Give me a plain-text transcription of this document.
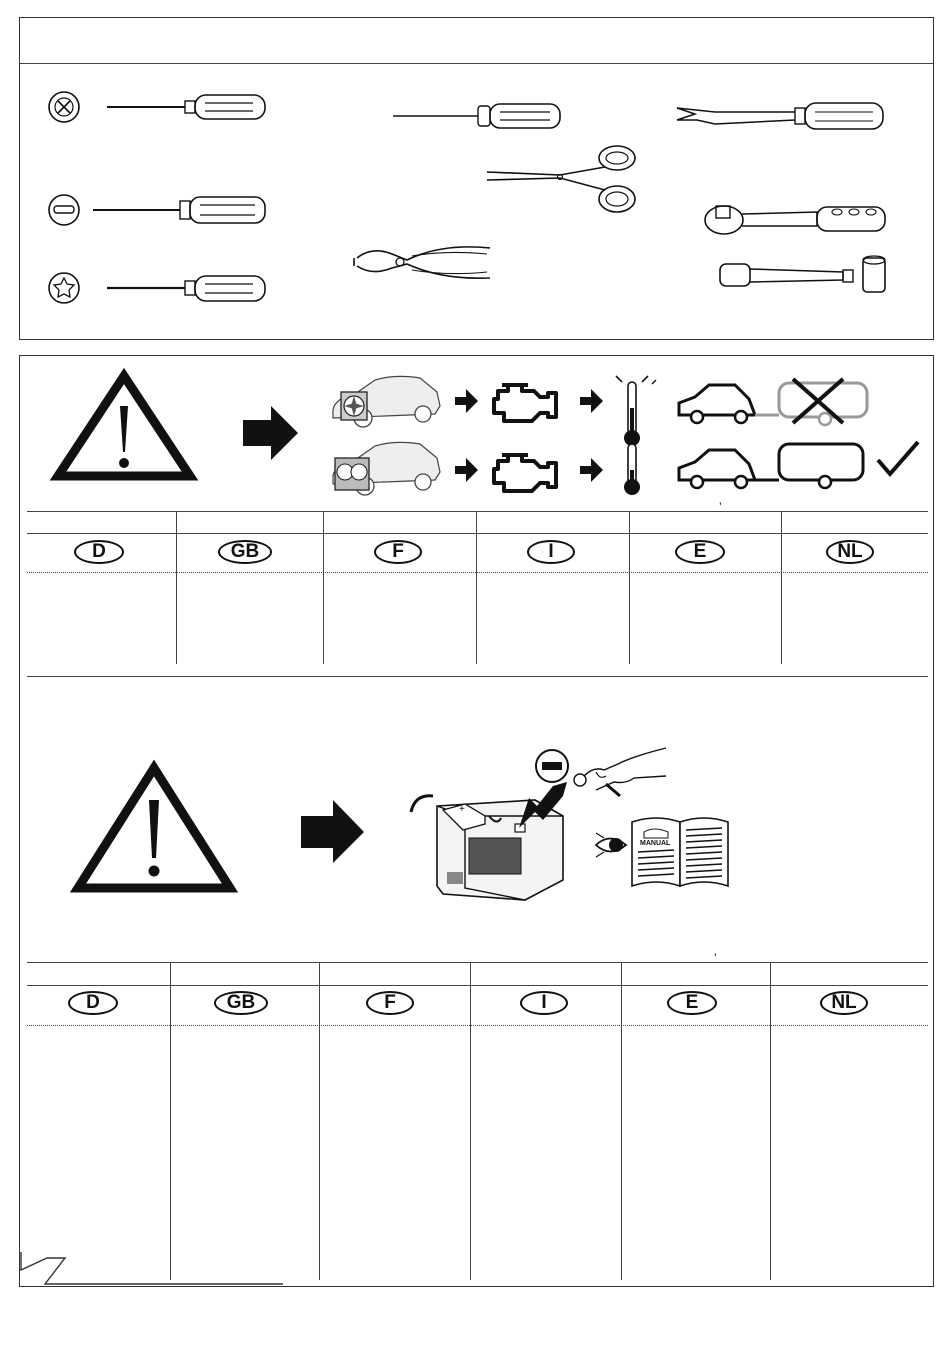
’
D	GB	F	I	E	NL
+
MANUAL
’
D	GB	F	I	E	NL
